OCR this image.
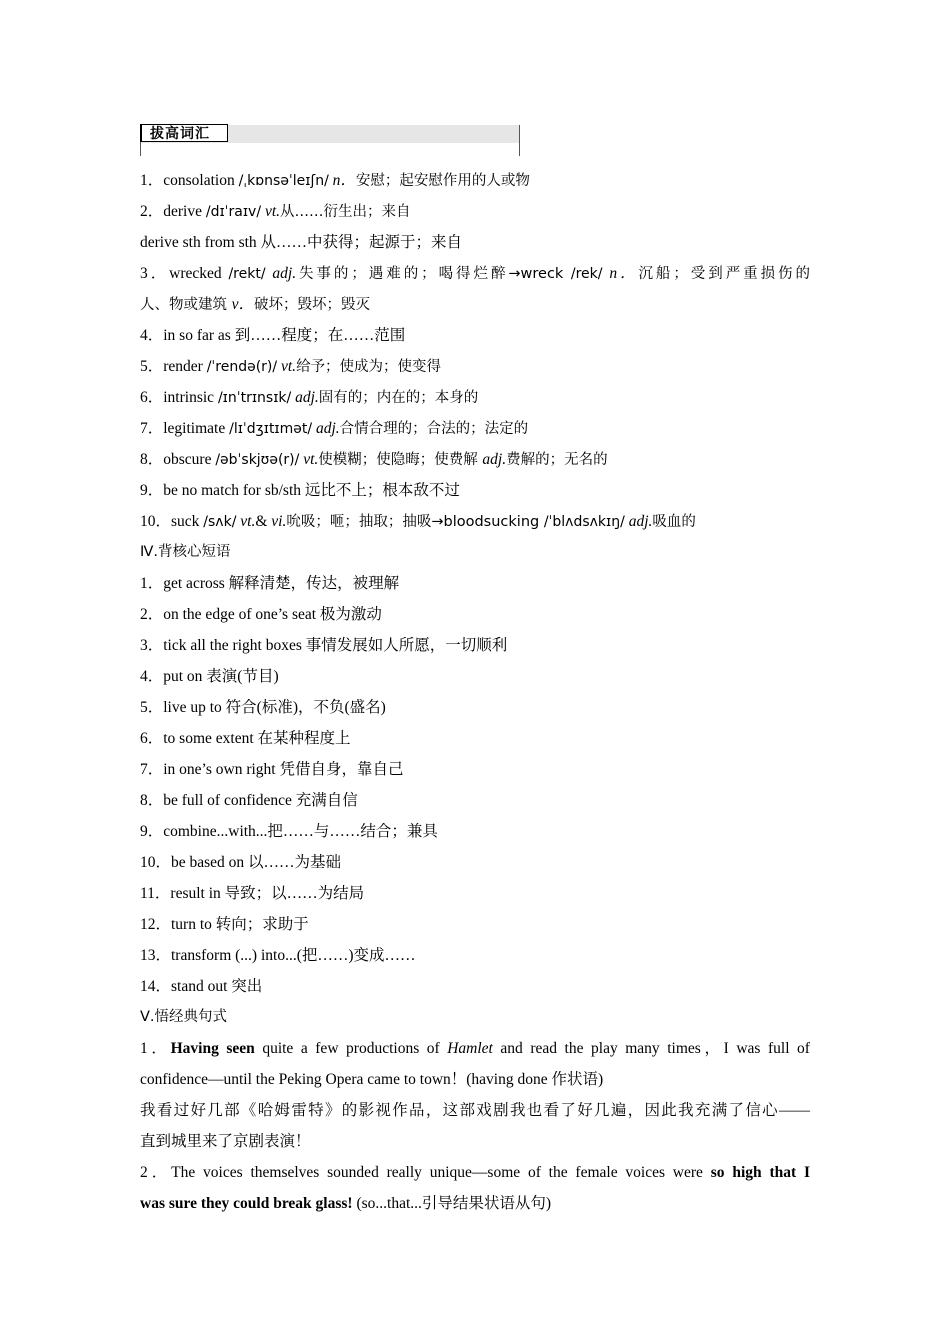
拔高词汇
1．consolation /ˌkɒnsəˈleɪʃn/ n．安慰；起安慰作用的人或物
2．derive /dɪˈraɪv/ vt.从……衍生出；来自
derive sth from sth 从……中获得；起源于；来自
3．wrecked /rekt/ adj.失事的；遇难的；喝得烂醉→wreck /rek/ n．沉船；受到严重损伤的
人、物或建筑 v．破坏；毁坏；毁灭
4．in so far as 到……程度；在……范围
5．render /ˈrendə(r)/ vt.给予；使成为；使变得
6．intrinsic /ɪnˈtrɪnsɪk/ adj.固有的；内在的；本身的
7．legitimate /lɪˈdʒɪtɪmət/ adj.合情合理的；合法的；法定的
8．obscure /əbˈskjʊə(r)/ vt.使模糊；使隐晦；使费解 adj.费解的；无名的
9．be no match for sb/sth 远比不上；根本敌不过
10．suck /sʌk/ vt.& vi.吮吸；咂；抽取；抽吸→bloodsucking /ˈblʌdsʌkɪŋ/ adj.吸血的
Ⅳ.背核心短语
1．get across 解释清楚，传达，被理解
2．on the edge of one’s seat 极为激动
3．tick all the right boxes 事情发展如人所愿，一切顺利
4．put on 表演(节目)
5．live up to 符合(标准)，不负(盛名)
6．to some extent 在某种程度上
7．in one’s own right 凭借自身，靠自己
8．be full of confidence 充满自信
9．combine...with...把……与……结合；兼具
10．be based on 以……为基础
11．result in 导致；以……为结局
12．turn to 转向；求助于
13．transform (...) into...(把……)变成……
14．stand out 突出
Ⅴ.悟经典句式
1．Having seen quite a few productions of Hamlet and read the play many times，I was full of
confidence—until the Peking Opera came to town！(having done 作状语)
我看过好几部《哈姆雷特》的影视作品，这部戏剧我也看了好几遍，因此我充满了信心——
直到城里来了京剧表演！
2．The voices themselves sounded really unique—some of the female voices were so high that I
was sure they could break glass! (so...that...引导结果状语从句)
